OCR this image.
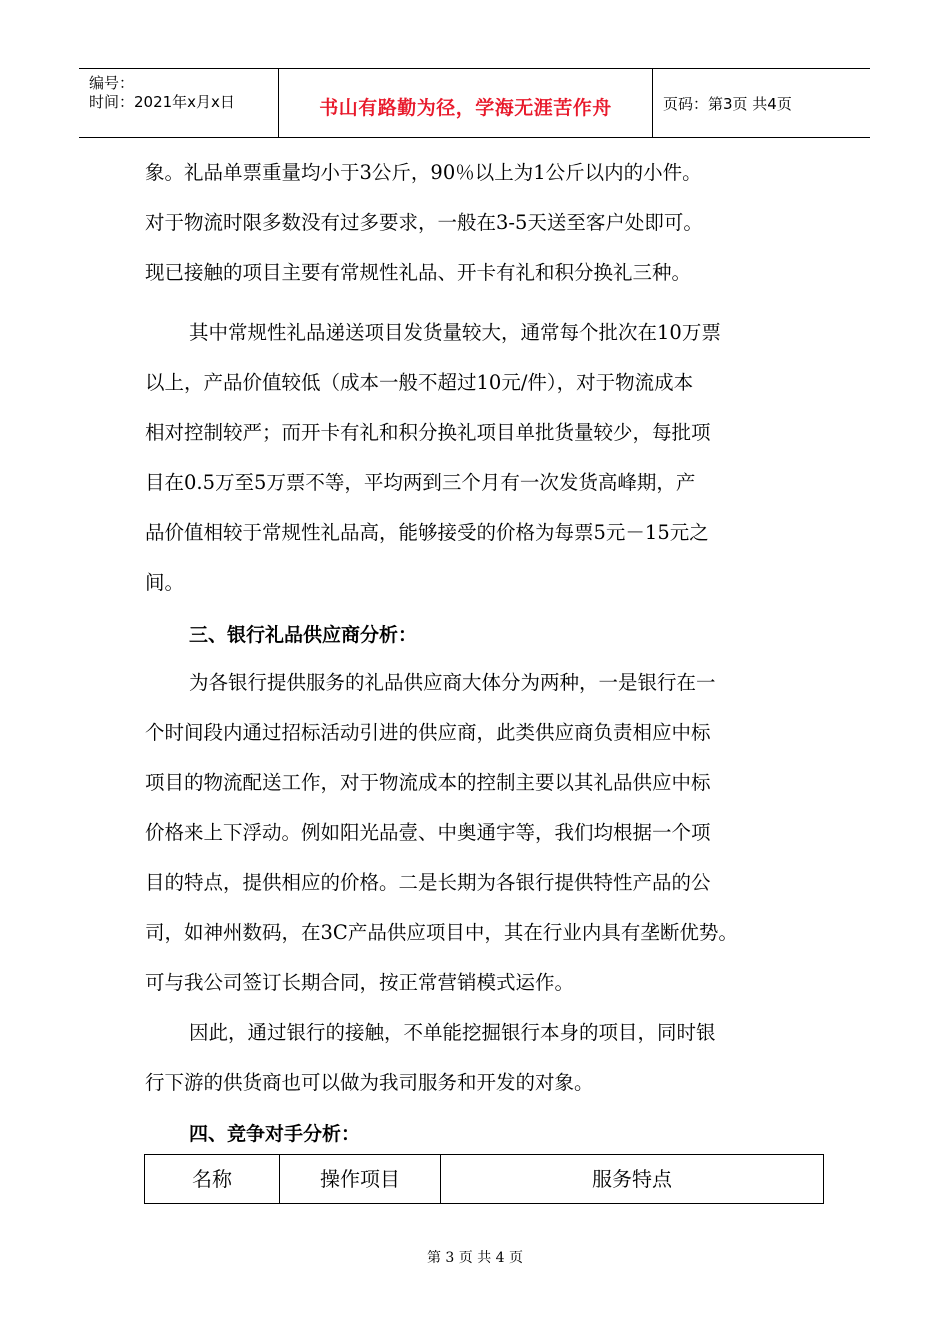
编号：
时间：2021年x月x日	书山有路勤为径，学海无涯苦作舟	页码：第3页 共4页
象。礼品单票重量均小于3公斤，90％以上为1公斤以内的小件。
对于物流时限多数没有过多要求，一般在3-5天送至客户处即可。
现已接触的项目主要有常规性礼品、开卡有礼和积分换礼三种。
其中常规性礼品递送项目发货量较大，通常每个批次在10万票
以上，产品价值较低（成本一般不超过10元/件），对于物流成本
相对控制较严；而开卡有礼和积分换礼项目单批货量较少，每批项
目在0.5万至5万票不等，平均两到三个月有一次发货高峰期，产
品价值相较于常规性礼品高，能够接受的价格为每票5元－15元之
间。
三、银行礼品供应商分析：
为各银行提供服务的礼品供应商大体分为两种，一是银行在一
个时间段内通过招标活动引进的供应商，此类供应商负责相应中标
项目的物流配送工作，对于物流成本的控制主要以其礼品供应中标
价格来上下浮动。例如阳光品壹、中奥通宇等，我们均根据一个项
目的特点，提供相应的价格。二是长期为各银行提供特性产品的公
司，如神州数码，在3C产品供应项目中，其在行业内具有垄断优势。
可与我公司签订长期合同，按正常营销模式运作。
因此，通过银行的接触，不单能挖掘银行本身的项目，同时银
行下游的供货商也可以做为我司服务和开发的对象。
四、竞争对手分析：
名称	操作项目	服务特点
第 3 页 共 4 页
